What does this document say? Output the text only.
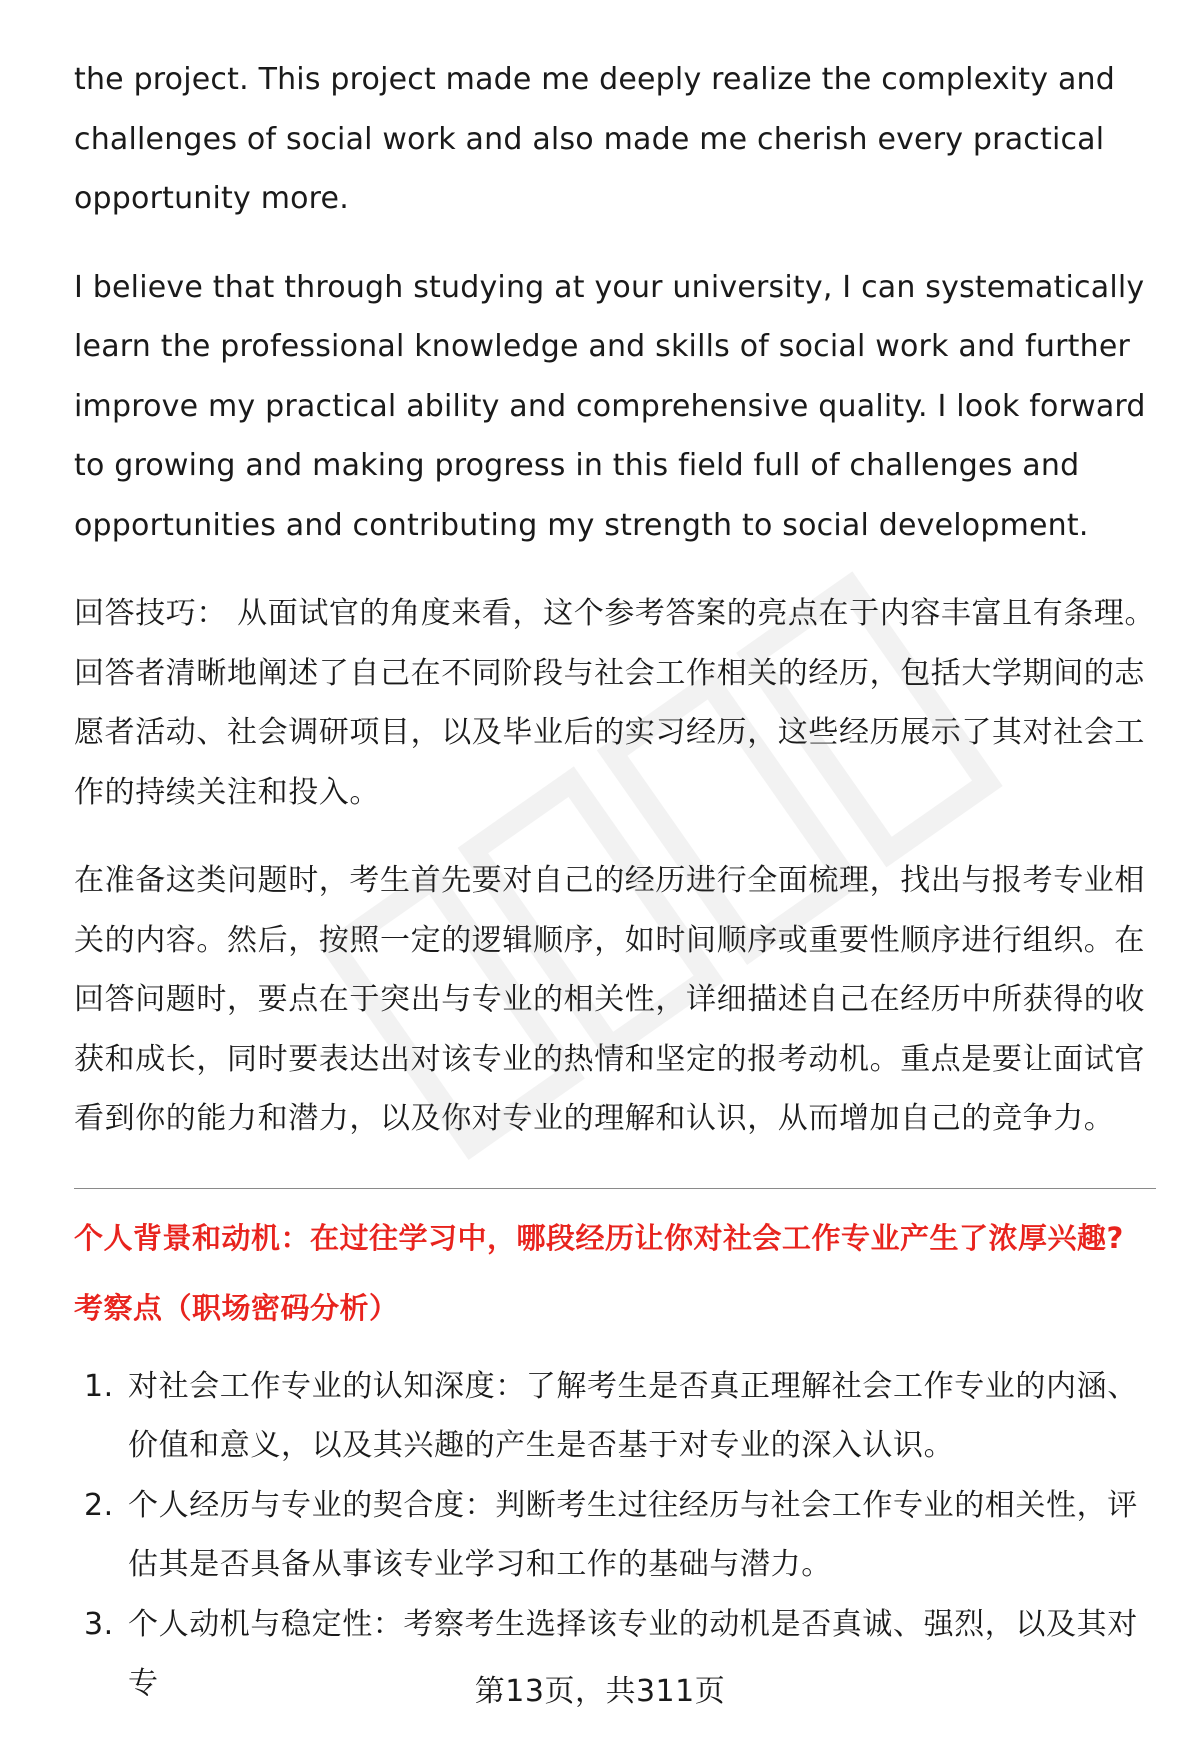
the project. This project made me deeply realize the complexity and challenges of social work and also made me cherish every practical opportunity more.

I believe that through studying at your university, I can systematically learn the professional knowledge and skills of social work and further improve my practical ability and comprehensive quality. I look forward to growing and making progress in this field full of challenges and opportunities and contributing my strength to social development.

回答技巧： 从面试官的角度来看，这个参考答案的亮点在于内容丰富且有条理。回答者清晰地阐述了自己在不同阶段与社会工作相关的经历，包括大学期间的志愿者活动、社会调研项目，以及毕业后的实习经历，这些经历展示了其对社会工作的持续关注和投入。

在准备这类问题时，考生首先要对自己的经历进行全面梳理，找出与报考专业相关的内容。然后，按照一定的逻辑顺序，如时间顺序或重要性顺序进行组织。在回答问题时，要点在于突出与专业的相关性，详细描述自己在经历中所获得的收获和成长，同时要表达出对该专业的热情和坚定的报考动机。重点是要让面试官看到你的能力和潜力，以及你对专业的理解和认识，从而增加自己的竞争力。

个人背景和动机：在过往学习中，哪段经历让你对社会工作专业产生了浓厚兴趣?

考察点（职场密码分析）

1. 对社会工作专业的认知深度：了解考生是否真正理解社会工作专业的内涵、价值和意义，以及其兴趣的产生是否基于对专业的深入认识。
2. 个人经历与专业的契合度：判断考生过往经历与社会工作专业的相关性，评估其是否具备从事该专业学习和工作的基础与潜力。
3. 个人动机与稳定性：考察考生选择该专业的动机是否真诚、强烈，以及其对专	第13页，共311页
